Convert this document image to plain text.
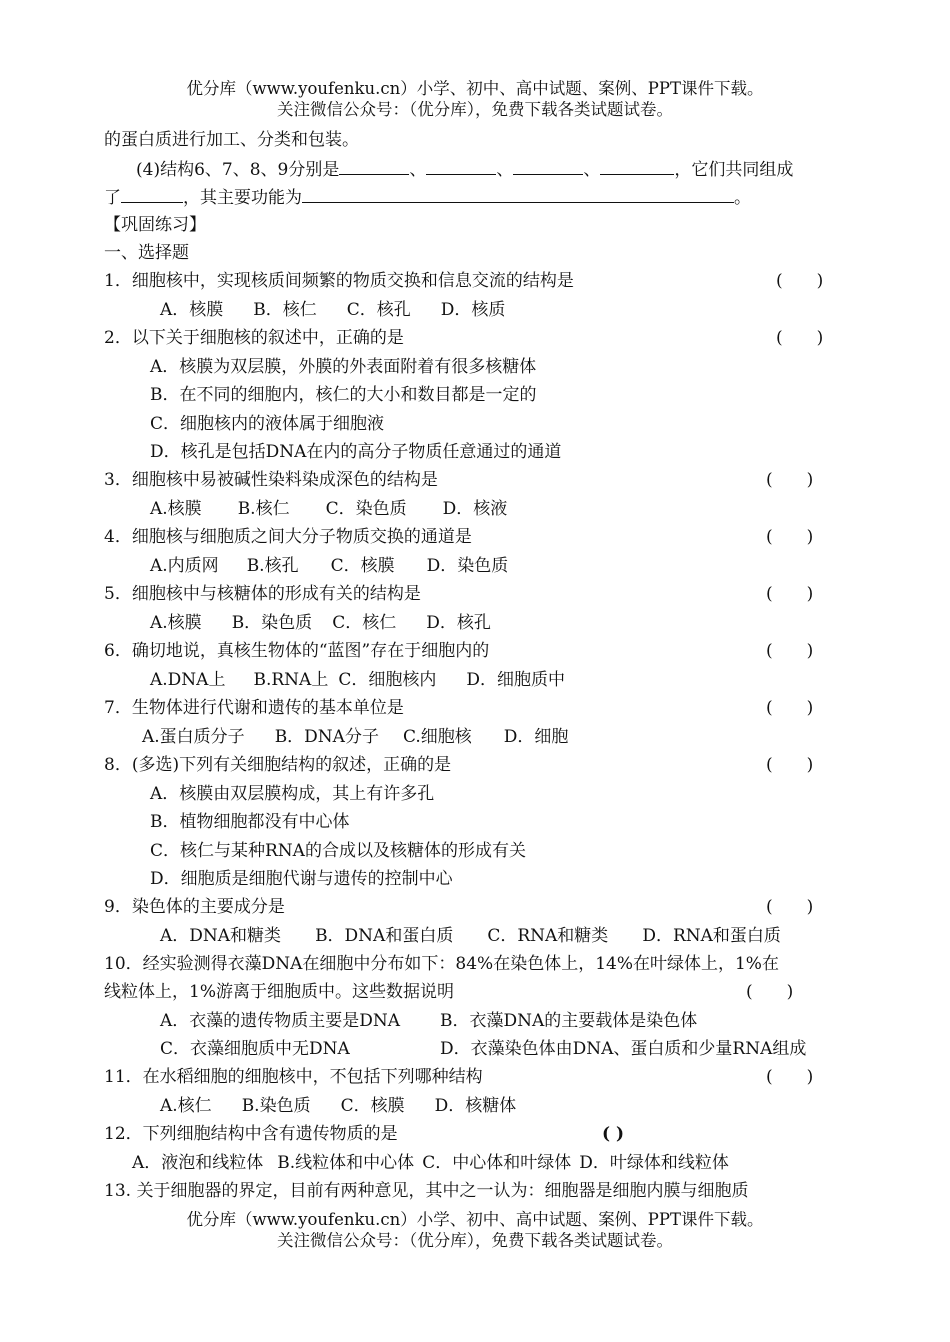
优分库（www.youfenku.cn）小学、初中、高中试题、案例、PPT课件下载。
关注微信公众号：（优分库），免费下载各类试题试卷。
的蛋白质进行加工、分类和包装。
(4)结构6、7、8、9分别是	、	、	、	，它们共同组成
了	，其主要功能为	。
【巩固练习】
一、选择题
1．细胞核中，实现核质间频繁的物质交换和信息交流的结构是	(　　)
A．核膜 B．核仁 C．核孔 D．核质
2．以下关于细胞核的叙述中，正确的是	(　　)
A．核膜为双层膜，外膜的外表面附着有很多核糖体
B．在不同的细胞内，核仁的大小和数目都是一定的
C．细胞核内的液体属于细胞液
D．核孔是包括DNA在内的高分子物质任意通过的通道
3．细胞核中易被碱性染料染成深色的结构是	(　　)
A.核膜 B.核仁 C．染色质 D．核液
4．细胞核与细胞质之间大分子物质交换的通道是	(　　)
A.内质网 B.核孔 C．核膜 D．染色质
5．细胞核中与核糖体的形成有关的结构是	(　　)
A.核膜 B．染色质 C．核仁 D．核孔
6．确切地说，真核生物体的“蓝图”存在于细胞内的	(　　)
A.DNA上 B.RNA上 C．细胞核内 D．细胞质中
7．生物体进行代谢和遗传的基本单位是	(　　)
A.蛋白质分子 B．DNA分子 C.细胞核 D．细胞
8．(多选)下列有关细胞结构的叙述，正确的是	(　　)
A．核膜由双层膜构成，其上有许多孔
B．植物细胞都没有中心体
C．核仁与某种RNA的合成以及核糖体的形成有关
D．细胞质是细胞代谢与遗传的控制中心
9．染色体的主要成分是	(　　)
A．DNA和糖类 B．DNA和蛋白质 C．RNA和糖类 D．RNA和蛋白质
10．经实验测得衣藻DNA在细胞中分布如下：84%在染色体上，14%在叶绿体上，1%在
线粒体上，1%游离于细胞质中。这些数据说明	(　　)
A．衣藻的遗传物质主要是DNA B．衣藻DNA的主要载体是染色体
C．衣藻细胞质中无DNA	D．衣藻染色体由DNA、蛋白质和少量RNA组成
11．在水稻细胞的细胞核中，不包括下列哪种结构	(　　)
A.核仁 B.染色质 C．核膜 D．核糖体
12．下列细胞结构中含有遗传物质的是	( )
A．液泡和线粒体 B.线粒体和中心体 C．中心体和叶绿体 D．叶绿体和线粒体
13. 关于细胞器的界定，目前有两种意见，其中之一认为：细胞器是细胞内膜与细胞质
优分库（www.youfenku.cn）小学、初中、高中试题、案例、PPT课件下载。
关注微信公众号：（优分库），免费下载各类试题试卷。
